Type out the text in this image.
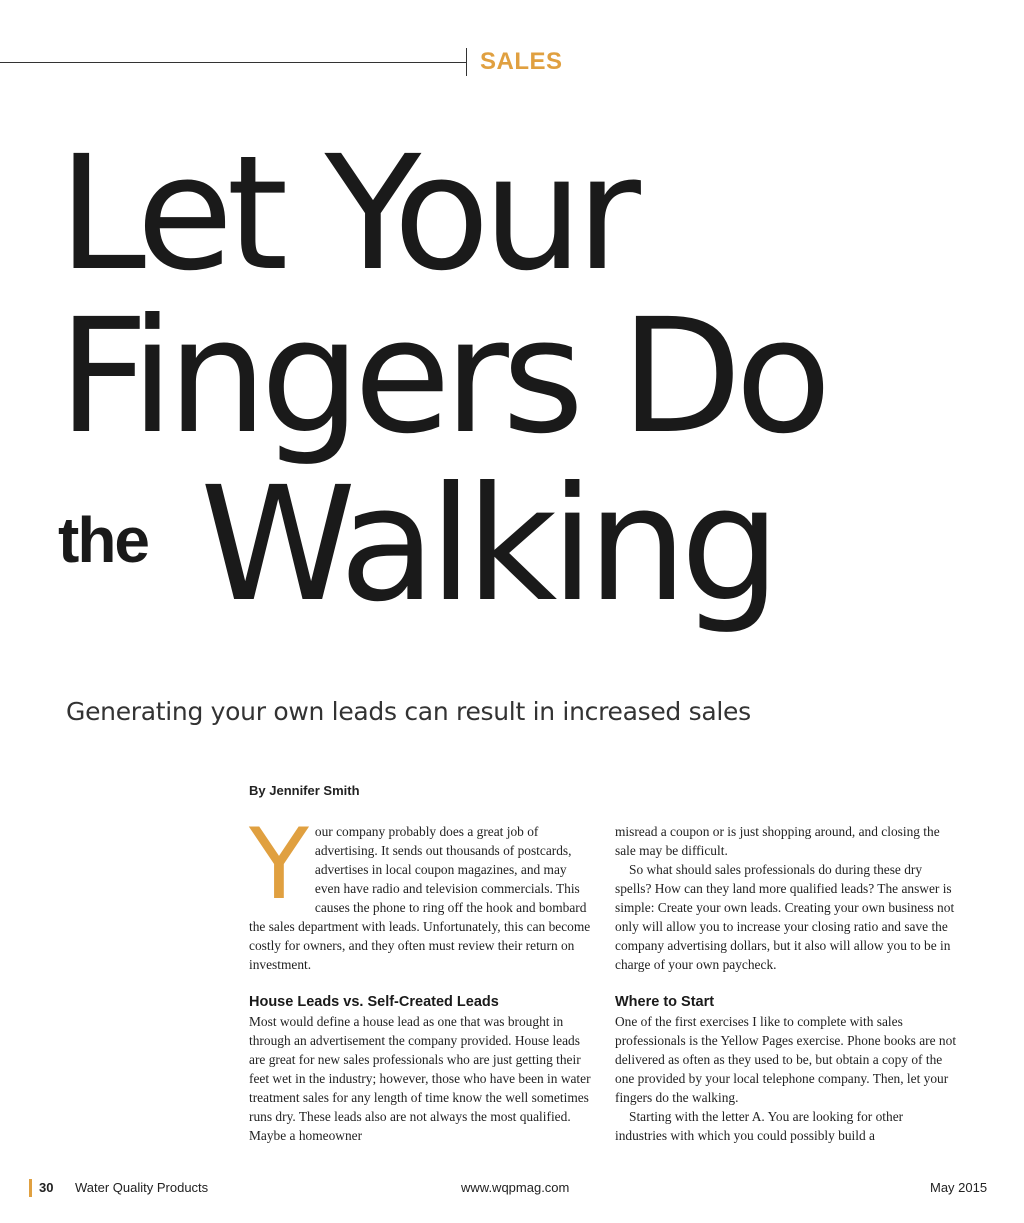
SALES
Let Your
Fingers Do
the Walking
Generating your own leads can result in increased sales
By Jennifer Smith

Your company probably does a great job of advertising. It sends out thousands of postcards, advertises in local coupon magazines, and may even have radio and television commercials. This causes the phone to ring off the hook and bombard the sales department with leads. Unfortunately, this can become costly for owners, and they often must review their return on investment.

House Leads vs. Self-Created Leads

Most would define a house lead as one that was brought in through an advertisement the company provided. House leads are great for new sales professionals who are just getting their feet wet in the industry; however, those who have been in water treatment sales for any length of time know the well sometimes runs dry. These leads also are not always the most qualified. Maybe a homeowner

misread a coupon or is just shopping around, and closing the sale may be difficult.

So what should sales professionals do during these dry spells? How can they land more qualified leads? The answer is simple: Create your own leads. Creating your own business not only will allow you to increase your closing ratio and save the company advertising dollars, but it also will allow you to be in charge of your own paycheck.

Where to Start

One of the first exercises I like to complete with sales professionals is the Yellow Pages exercise. Phone books are not delivered as often as they used to be, but obtain a copy of the one provided by your local telephone company. Then, let your fingers do the walking.

Starting with the letter A. You are looking for other industries with which you could possibly build a

30 Water Quality Products	www.wqpmag.com	May 2015
